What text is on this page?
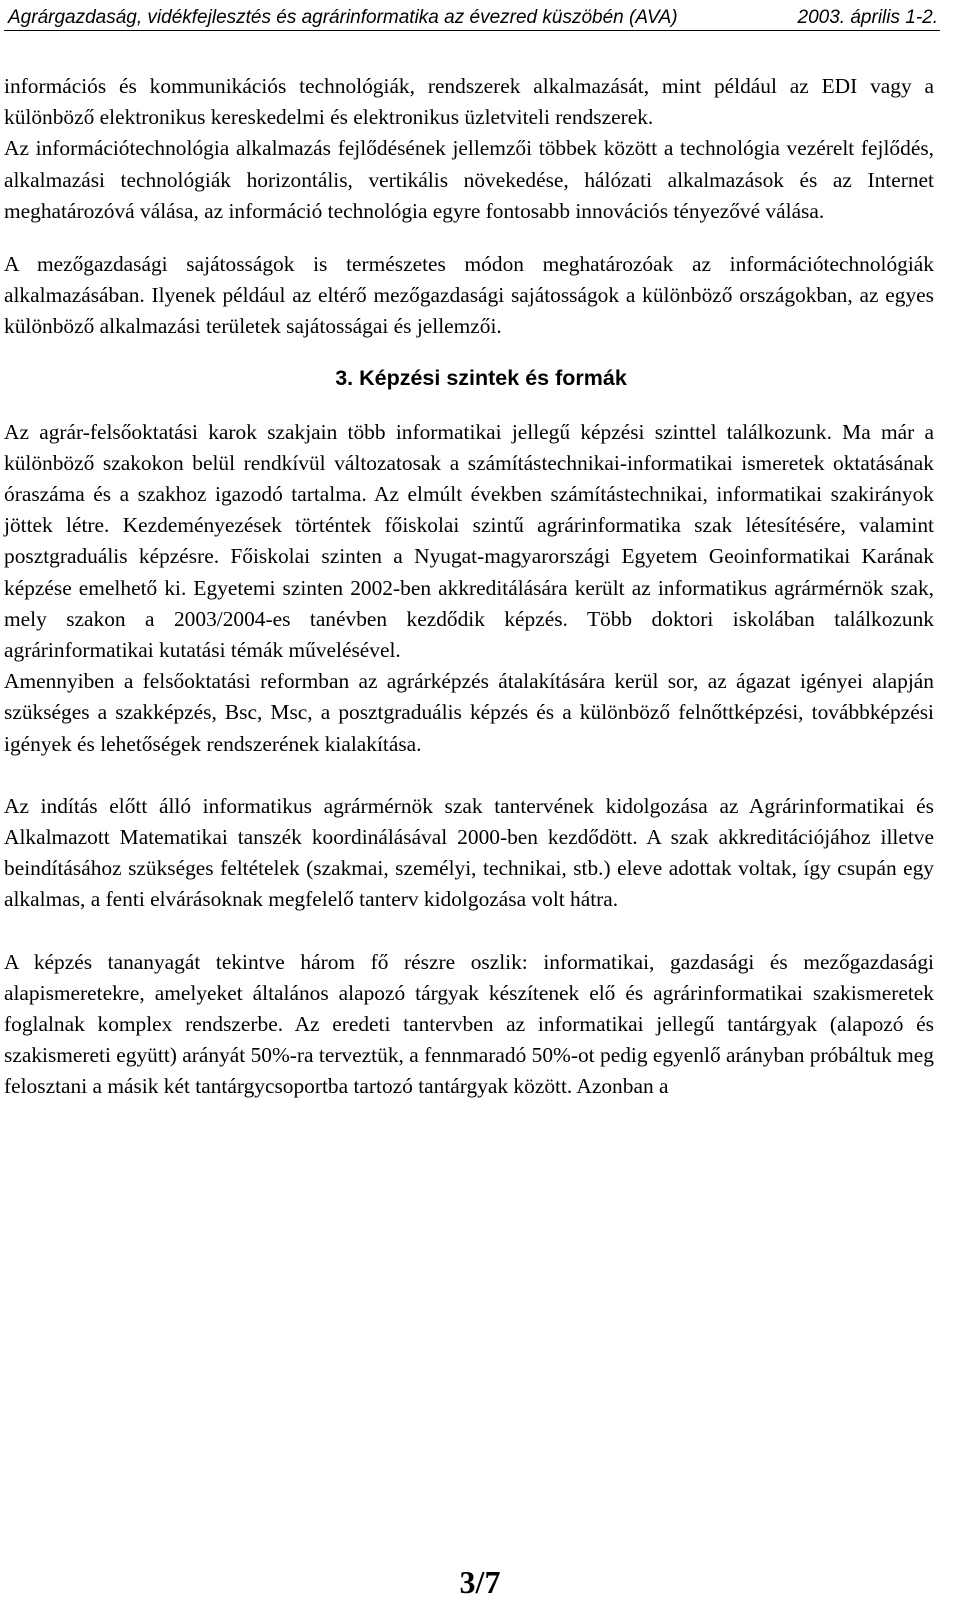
Agrárgazdaság, vidékfejlesztés és agrárinformatika az évezred küszöbén (AVA)	2003. április 1-2.

információs és kommunikációs technológiák, rendszerek alkalmazását, mint például az EDI vagy a különböző elektronikus kereskedelmi és elektronikus üzletviteli rendszerek.

Az információtechnológia alkalmazás fejlődésének jellemzői többek között a technológia vezérelt fejlődés, alkalmazási technológiák horizontális, vertikális növekedése, hálózati alkalmazások és az Internet meghatározóvá válása, az információ technológia egyre fontosabb innovációs tényezővé válása.

A mezőgazdasági sajátosságok is természetes módon meghatározóak az információtechnológiák alkalmazásában. Ilyenek például az eltérő mezőgazdasági sajátosságok a különböző országokban, az egyes különböző alkalmazási területek sajátosságai és jellemzői.

3. Képzési szintek és formák

Az agrár-felsőoktatási karok szakjain több informatikai jellegű képzési szinttel találkozunk. Ma már a különböző szakokon belül rendkívül változatosak a számítástechnikai-informatikai ismeretek oktatásának óraszáma és a szakhoz igazodó tartalma. Az elmúlt években számítástechnikai, informatikai szakirányok jöttek létre. Kezdeményezések történtek főiskolai szintű agrárinformatika szak létesítésére, valamint posztgraduális képzésre. Főiskolai szinten a Nyugat-magyarországi Egyetem Geoinformatikai Karának képzése emelhető ki. Egyetemi szinten 2002-ben akkreditálására került az informatikus agrármérnök szak, mely szakon a 2003/2004-es tanévben kezdődik képzés. Több doktori iskolában találkozunk agrárinformatikai kutatási témák művelésével.

Amennyiben a felsőoktatási reformban az agrárképzés átalakítására kerül sor, az ágazat igényei alapján szükséges a szakképzés, Bsc, Msc, a posztgraduális képzés és a különböző felnőttképzési, továbbképzési igények és lehetőségek rendszerének kialakítása.

Az indítás előtt álló informatikus agrármérnök szak tantervének kidolgozása az Agrárinformatikai és Alkalmazott Matematikai tanszék koordinálásával 2000-ben kezdődött. A szak akkreditációjához illetve beindításához szükséges feltételek (szakmai, személyi, technikai, stb.) eleve adottak voltak, így csupán egy alkalmas, a fenti elvárásoknak megfelelő tanterv kidolgozása volt hátra.

A képzés tananyagát tekintve három fő részre oszlik: informatikai, gazdasági és mezőgazdasági alapismeretekre, amelyeket általános alapozó tárgyak készítenek elő és agrárinformatikai szakismeretek foglalnak komplex rendszerbe. Az eredeti tantervben az informatikai jellegű tantárgyak (alapozó és szakismereti együtt) arányát 50%-ra terveztük, a fennmaradó 50%-ot pedig egyenlő arányban próbáltuk meg felosztani a másik két tantárgycsoportba tartozó tantárgyak között. Azonban a

3/7
